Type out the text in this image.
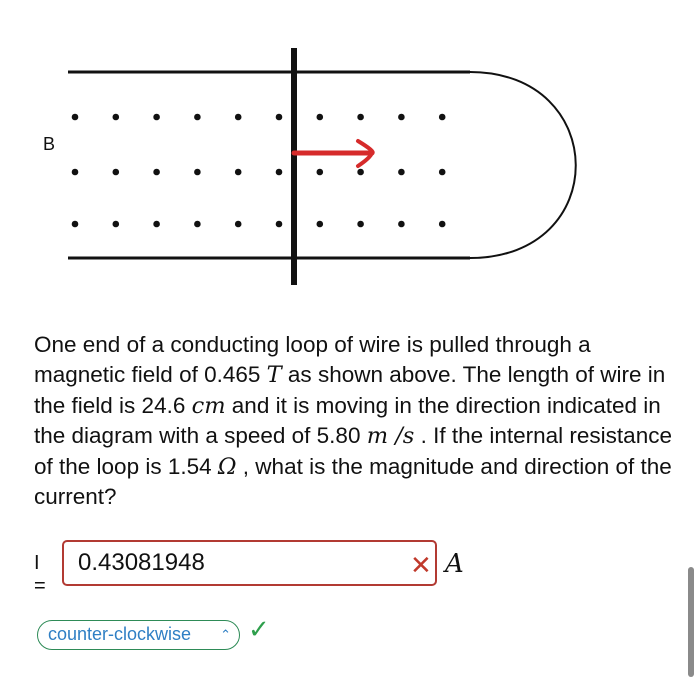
B
One end of a conducting loop of wire is pulled through a magnetic field of 0.465 T as shown above. The length of wire in the field is 24.6 cm and it is moving in the direction indicated in the diagram with a speed of 5.80 m /s . If the internal resistance of the loop is 1.54 Ω , what is the magnitude and direction of the current?
I =
0.43081948
✕ A
counter-clockwise ⌃ ✓
